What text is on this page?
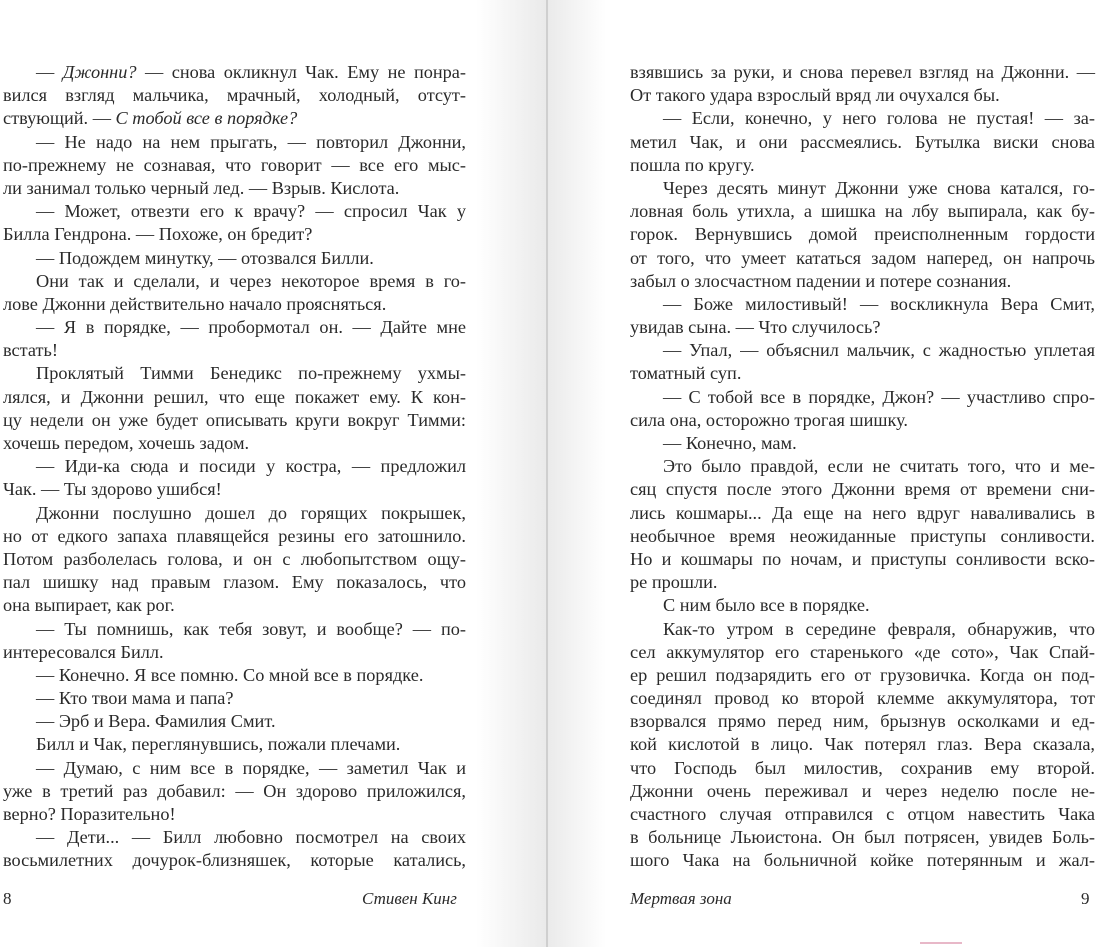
— Джонни? — снова окликнул Чак. Ему не понра-
вился взгляд мальчика, мрачный, холодный, отсут-
ствующий. — С тобой все в порядке?
— Не надо на нем прыгать, — повторил Джонни,
по-прежнему не сознавая, что говорит — все его мыс-
ли занимал только черный лед. — Взрыв. Кислота.
— Может, отвезти его к врачу? — спросил Чак у
Билла Гендрона. — Похоже, он бредит?
— Подождем минутку, — отозвался Билли.
Они так и сделали, и через некоторое время в го-
лове Джонни действительно начало проясняться.
— Я в порядке, — пробормотал он. — Дайте мне
встать!
Проклятый Тимми Бенедикс по-прежнему ухмы-
лялся, и Джонни решил, что еще покажет ему. К кон-
цу недели он уже будет описывать круги вокруг Тимми:
хочешь передом, хочешь задом.
— Иди-ка сюда и посиди у костра, — предложил
Чак. — Ты здорово ушибся!
Джонни послушно дошел до горящих покрышек,
но от едкого запаха плавящейся резины его затошнило.
Потом разболелась голова, и он с любопытством ощу-
пал шишку над правым глазом. Ему показалось, что
она выпирает, как рог.
— Ты помнишь, как тебя зовут, и вообще? — по-
интересовался Билл.
— Конечно. Я все помню. Со мной все в порядке.
— Кто твои мама и папа?
— Эрб и Вера. Фамилия Смит.
Билл и Чак, переглянувшись, пожали плечами.
— Думаю, с ним все в порядке, — заметил Чак и
уже в третий раз добавил: — Он здорово приложился,
верно? Поразительно!
— Дети... — Билл любовно посмотрел на своих
восьмилетних дочурок-близняшек, которые катались,
8	Стивен Кинг
взявшись за руки, и снова перевел взгляд на Джонни. —
От такого удара взрослый вряд ли очухался бы.
— Если, конечно, у него голова не пустая! — за-
метил Чак, и они рассмеялись. Бутылка виски снова
пошла по кругу.
Через десять минут Джонни уже снова катался, го-
ловная боль утихла, а шишка на лбу выпирала, как бу-
горок. Вернувшись домой преисполненным гордости
от того, что умеет кататься задом наперед, он напрочь
забыл о злосчастном падении и потере сознания.
— Боже милостивый! — воскликнула Вера Смит,
увидав сына. — Что случилось?
— Упал, — объяснил мальчик, с жадностью уплетая
томатный суп.
— С тобой все в порядке, Джон? — участливо спро-
сила она, осторожно трогая шишку.
— Конечно, мам.
Это было правдой, если не считать того, что и ме-
сяц спустя после этого Джонни время от времени сни-
лись кошмары... Да еще на него вдруг наваливались в
необычное время неожиданные приступы сонливости.
Но и кошмары по ночам, и приступы сонливости вско-
ре прошли.
С ним было все в порядке.
Как-то утром в середине февраля, обнаружив, что
сел аккумулятор его старенького «де сото», Чак Спай-
ер решил подзарядить его от грузовичка. Когда он под-
соединял провод ко второй клемме аккумулятора, тот
взорвался прямо перед ним, брызнув осколками и ед-
кой кислотой в лицо. Чак потерял глаз. Вера сказала,
что Господь был милостив, сохранив ему второй.
Джонни очень переживал и через неделю после не-
счастного случая отправился с отцом навестить Чака
в больнице Льюистона. Он был потрясен, увидев Боль-
шого Чака на больничной койке потерянным и жал-
Мертвая зона	9
